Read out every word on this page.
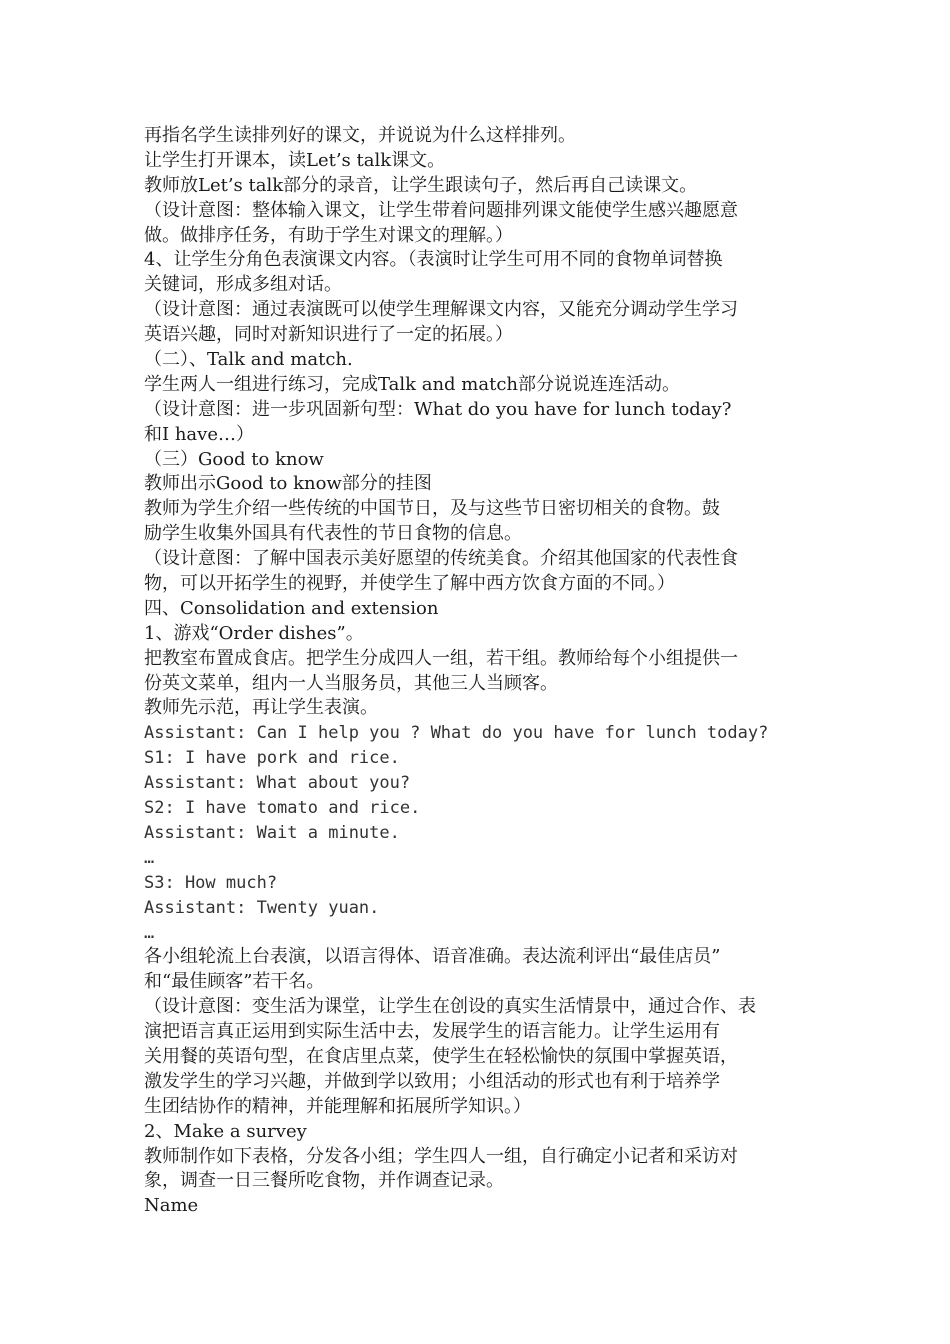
再指名学生读排列好的课文，并说说为什么这样排列。
让学生打开课本，读Let’s talk课文。
教师放Let’s talk部分的录音，让学生跟读句子，然后再自己读课文。
（设计意图：整体输入课文，让学生带着问题排列课文能使学生感兴趣愿意
做。做排序任务，有助于学生对课文的理解。）
4、让学生分角色表演课文内容。（表演时让学生可用不同的食物单词替换
关键词，形成多组对话。
（设计意图：通过表演既可以使学生理解课文内容，又能充分调动学生学习
英语兴趣，同时对新知识进行了一定的拓展。）
（二）、Talk and match.
学生两人一组进行练习，完成Talk and match部分说说连连活动。
（设计意图：进一步巩固新句型：What do you have for lunch today?
和I have…）
（三）Good to know
教师出示Good to know部分的挂图
教师为学生介绍一些传统的中国节日，及与这些节日密切相关的食物。鼓
励学生收集外国具有代表性的节日食物的信息。
（设计意图：了解中国表示美好愿望的传统美食。介绍其他国家的代表性食
物，可以开拓学生的视野，并使学生了解中西方饮食方面的不同。）
四、Consolidation and extension
1、游戏“Order dishes”。
把教室布置成食店。把学生分成四人一组，若干组。教师给每个小组提供一
份英文菜单，组内一人当服务员，其他三人当顾客。
教师先示范，再让学生表演。
Assistant: Can I help you ? What do you have for lunch today?
S1: I have pork and rice.
Assistant: What about you?
S2: I have tomato and rice.
Assistant: Wait a minute.
…
S3: How much?
Assistant: Twenty yuan.
…
各小组轮流上台表演，以语言得体、语音准确。表达流利评出“最佳店员”
和“最佳顾客”若干名。
（设计意图：变生活为课堂，让学生在创设的真实生活情景中，通过合作、表
演把语言真正运用到实际生活中去，发展学生的语言能力。让学生运用有
关用餐的英语句型，在食店里点菜，使学生在轻松愉快的氛围中掌握英语，
激发学生的学习兴趣，并做到学以致用；小组活动的形式也有利于培养学
生团结协作的精神，并能理解和拓展所学知识。）
2、Make a survey
教师制作如下表格，分发各小组；学生四人一组，自行确定小记者和采访对
象，调查一日三餐所吃食物，并作调查记录。
Name
